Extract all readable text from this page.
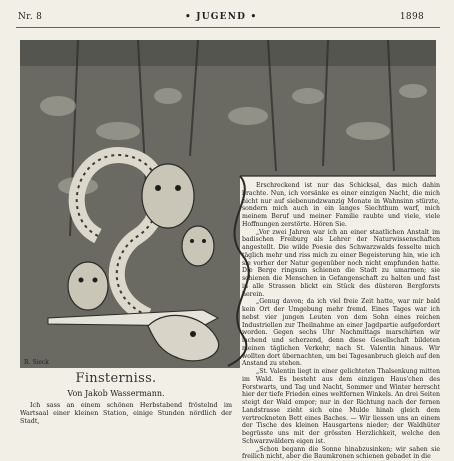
Nr. 8	• JUGEND •	1898
R. Sieck
Finsterniss.
Von Jakob Wassermann.

Ich sass an einem schönen Herbstabend fröstelnd im Wartsaal einer kleinen Station, einige Stunden nördlich der Stadt,

Erschreckend ist nur das Schicksal, das mich dahin brachte. Nun, ich vorsänke es einer einzigen Nacht, die mich nicht nur auf siebenundzwanzig Monate in Wahnsinn stürzte, sondern mich auch in ein langes Siechthum warf, mich meinem Beruf und meiner Familie raubte und viele, viele Hoffnungen zerstörte. Hören Sie.

„Vor zwei Jahren war ich an einer staatlichen Anstalt im badischen Freiburg als Lehrer der Naturwissenschaften angestellt. Die wilde Poesie des Schwarzwalds fesselte mich täglich mehr und riss mich zu einer Begeisterung hin, wie ich sie vorher der Natur gegenüber noch nicht empfunden hatte. Die Berge ringsum schienen die Stadt zu umarmen; sie schienen die Menschen in Gefangenschaft zu halten und fast in alle Strassen blickt ein Stück des düsteren Bergforsts herein.

„Genug davon; da ich viel freie Zeit hatte, war mir bald kein Ort der Umgebung mehr fremd. Eines Tages war ich nebst vier jungen Leuten von dem Sohn eines reichen Industriellen zur Theilnahme an einer Jagdpartie aufgefordert worden. Gegen sechs Uhr Nachmittags marschirten wir lachend und scherzend, denn diese Gesellschaft bildeten meinen täglichen Verkehr, nach St. Valentin hinaus. Wir wollten dort übernachten, um bei Tagesanbruch gleich auf den Anstand zu stehen.

„St. Valentin liegt in einer gelichteten Thalsenkung mitten im Wald. Es besteht aus dem einzigen Haus'chen des Forstwarts, und Tag und Nacht, Sommer und Winter herrscht hier der tiefe Frieden eines weltfernen Winkels. An drei Seiten steigt der Wald empor; nur in der Richtung nach der fernen Landstrasse zieht sich eine Mulde hinab gleich dem vertrockneten Bett eines Baches. — Wir liessen uns an einem der Tische des kleinen Hausgartens nieder; der Waldhüter begrüsste uns mit der grössten Herzlichkeit, welche den Schwarzwäldern eigen ist.

„Schon begann die Sonne hinabzusinken; wir sahen sie freilich nicht, aber die Baumkronen schienen gebadet in die
